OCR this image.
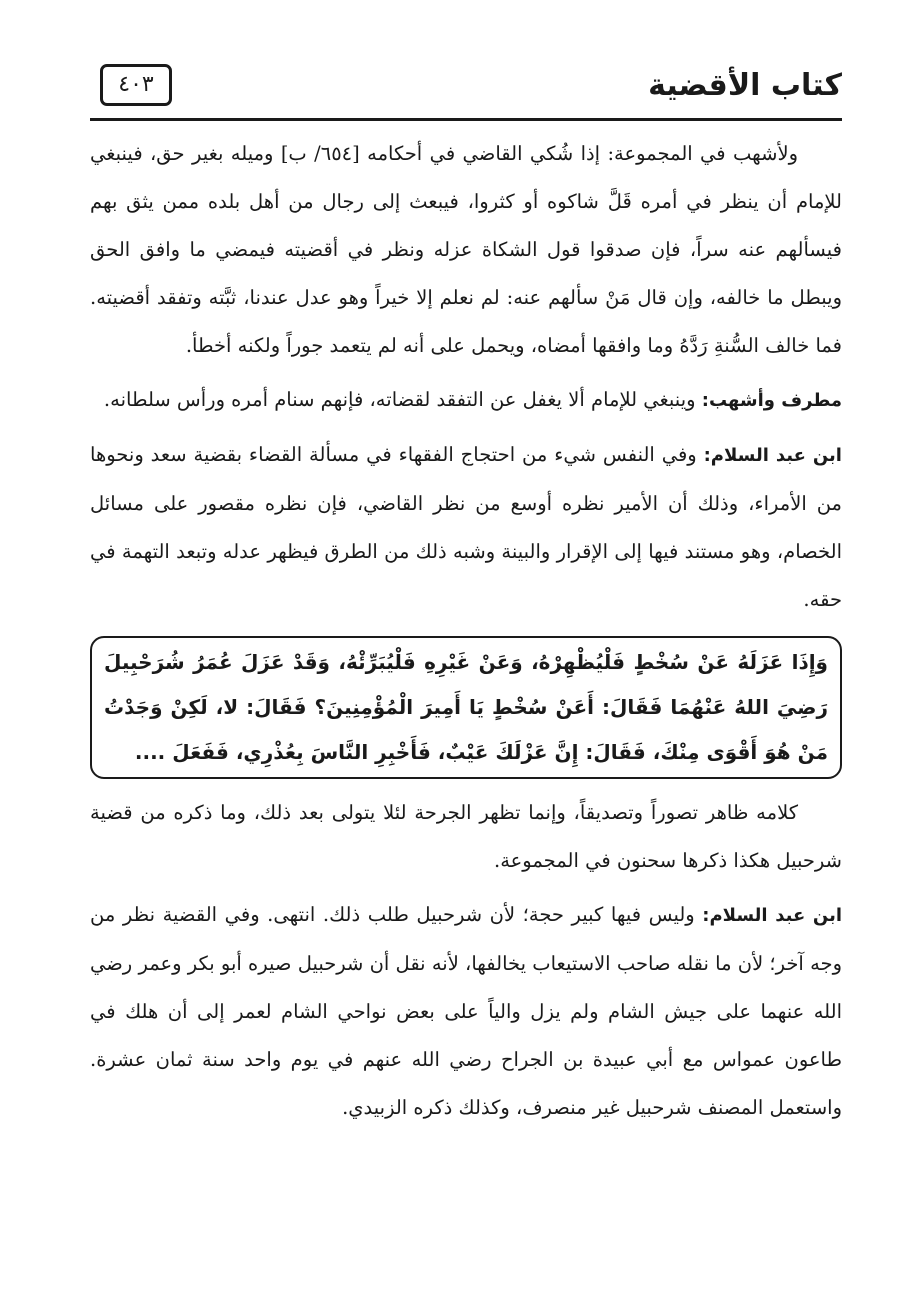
كتاب الأقضية
٤٠٣

ولأشهب في المجموعة: إذا شُكي القاضي في أحكامه [٦٥٤/ ب] وميله بغير حق، فينبغي للإمام أن ينظر في أمره قَلَّ شاكوه أو كثروا، فيبعث إلى رجال من أهل بلده ممن يثق بهم فيسألهم عنه سراً، فإن صدقوا قول الشكاة عزله ونظر في أقضيته فيمضي ما وافق الحق ويبطل ما خالفه، وإن قال مَنْ سألهم عنه: لم نعلم إلا خيراً وهو عدل عندنا، ثبَّته وتفقد أقضيته. فما خالف السُّنةِ رَدَّهُ وما وافقها أمضاه، ويحمل على أنه لم يتعمد جوراً ولكنه أخطأ.

مطرف وأشهب: وينبغي للإمام ألا يغفل عن التفقد لقضاته، فإنهم سنام أمره ورأس سلطانه.

ابن عبد السلام: وفي النفس شيء من احتجاج الفقهاء في مسألة القضاء بقضية سعد ونحوها من الأمراء، وذلك أن الأمير نظره أوسع من نظر القاضي، فإن نظره مقصور على مسائل الخصام، وهو مستند فيها إلى الإقرار والبينة وشبه ذلك من الطرق فيظهر عدله وتبعد التهمة في حقه.

وَإِذَا عَزَلَهُ عَنْ سُخْطٍ فَلْيُظْهِرْهُ، وَعَنْ غَيْرِهِ فَلْيُبَرِّئْهُ، وَقَدْ عَزَلَ عُمَرُ شُرَحْبِيلَ رَضِيَ اللهُ عَنْهُمَا فَقَالَ: أَعَنْ سُخْطٍ يَا أَمِيرَ الْمُؤْمِنِينَ؟ فَقَالَ: لا، لَكِنْ وَجَدْتُ مَنْ هُوَ أَقْوَى مِنْكَ، فَقَالَ: إِنَّ عَزْلَكَ عَيْبٌ، فَأَخْبِرِ النَّاسَ بِعُذْرِي، فَفَعَلَ ....

كلامه ظاهر تصوراً وتصديقاً، وإنما تظهر الجرحة لئلا يتولى بعد ذلك، وما ذكره من قضية شرحبيل هكذا ذكرها سحنون في المجموعة.

ابن عبد السلام: وليس فيها كبير حجة؛ لأن شرحبيل طلب ذلك. انتهى. وفي القضية نظر من وجه آخر؛ لأن ما نقله صاحب الاستيعاب يخالفها، لأنه نقل أن شرحبيل صيره أبو بكر وعمر رضي الله عنهما على جيش الشام ولم يزل والياً على بعض نواحي الشام لعمر إلى أن هلك في طاعون عمواس مع أبي عبيدة بن الجراح رضي الله عنهم في يوم واحد سنة ثمان عشرة. واستعمل المصنف شرحبيل غير منصرف، وكذلك ذكره الزبيدي.
